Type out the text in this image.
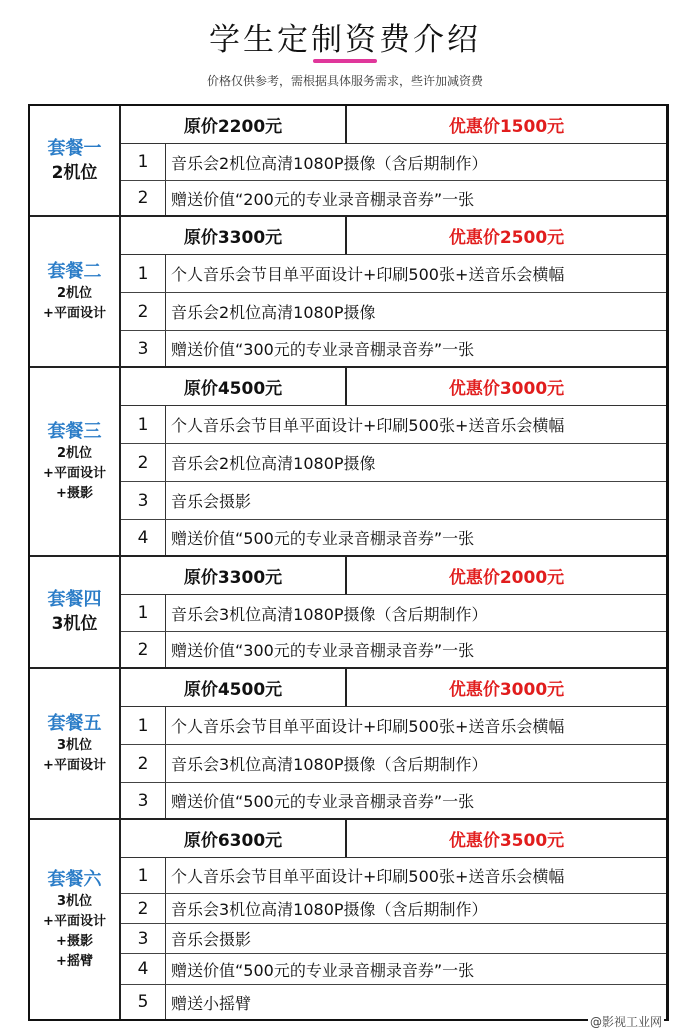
学生定制资费介绍
价格仅供参考，需根据具体服务需求，些许加减资费
套餐一
2机位
原价2200元	优惠价1500元
1	音乐会2机位高清1080P摄像（含后期制作）
2	赠送价值“200元的专业录音棚录音券”一张
套餐二
2机位
+平面设计
原价3300元	优惠价2500元
1	个人音乐会节目单平面设计+印刷500张+送音乐会横幅
2	音乐会2机位高清1080P摄像
3	赠送价值“300元的专业录音棚录音券”一张
套餐三
2机位
+平面设计
+摄影
原价4500元	优惠价3000元
1	个人音乐会节目单平面设计+印刷500张+送音乐会横幅
2	音乐会2机位高清1080P摄像
3	音乐会摄影
4	赠送价值“500元的专业录音棚录音券”一张
套餐四
3机位
原价3300元	优惠价2000元
1	音乐会3机位高清1080P摄像（含后期制作）
2	赠送价值“300元的专业录音棚录音券”一张
套餐五
3机位
+平面设计
原价4500元	优惠价3000元
1	个人音乐会节目单平面设计+印刷500张+送音乐会横幅
2	音乐会3机位高清1080P摄像（含后期制作）
3	赠送价值“500元的专业录音棚录音券”一张
套餐六
3机位
+平面设计
+摄影
+摇臂
原价6300元	优惠价3500元
1	个人音乐会节目单平面设计+印刷500张+送音乐会横幅
2	音乐会3机位高清1080P摄像（含后期制作）
3	音乐会摄影
4	赠送价值“500元的专业录音棚录音券”一张
5	赠送小摇臂
@影视工业网
